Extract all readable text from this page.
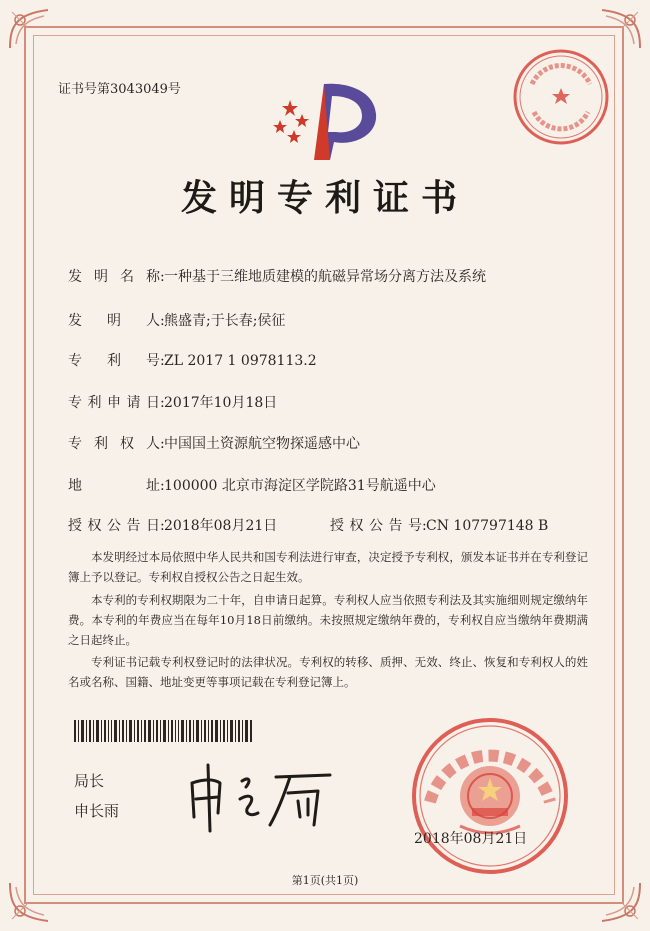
证书号第3043049号
发明专利证书
发明名称:一种基于三维地质建模的航磁异常场分离方法及系统
发明人:熊盛青;于长春;侯征
专利号:ZL 2017 1 0978113.2
专利申请日:2017年10月18日
专利权人:中国国土资源航空物探遥感中心
地址:100000 北京市海淀区学院路31号航遥中心
授权公告日:2018年08月21日	授权公告号:CN 107797148 B
本发明经过本局依照中华人民共和国专利法进行审查，决定授予专利权，颁发本证书并在专利登记簿上予以登记。专利权自授权公告之日起生效。
本专利的专利权期限为二十年，自申请日起算。专利权人应当依照专利法及其实施细则规定缴纳年费。本专利的年费应当在每年10月18日前缴纳。未按照规定缴纳年费的，专利权自应当缴纳年费期满之日起终止。
专利证书记载专利权登记时的法律状况。专利权的转移、质押、无效、终止、恢复和专利权人的姓名或名称、国籍、地址变更等事项记载在专利登记簿上。
局长
申长雨
2018年08月21日
第1页(共1页)
